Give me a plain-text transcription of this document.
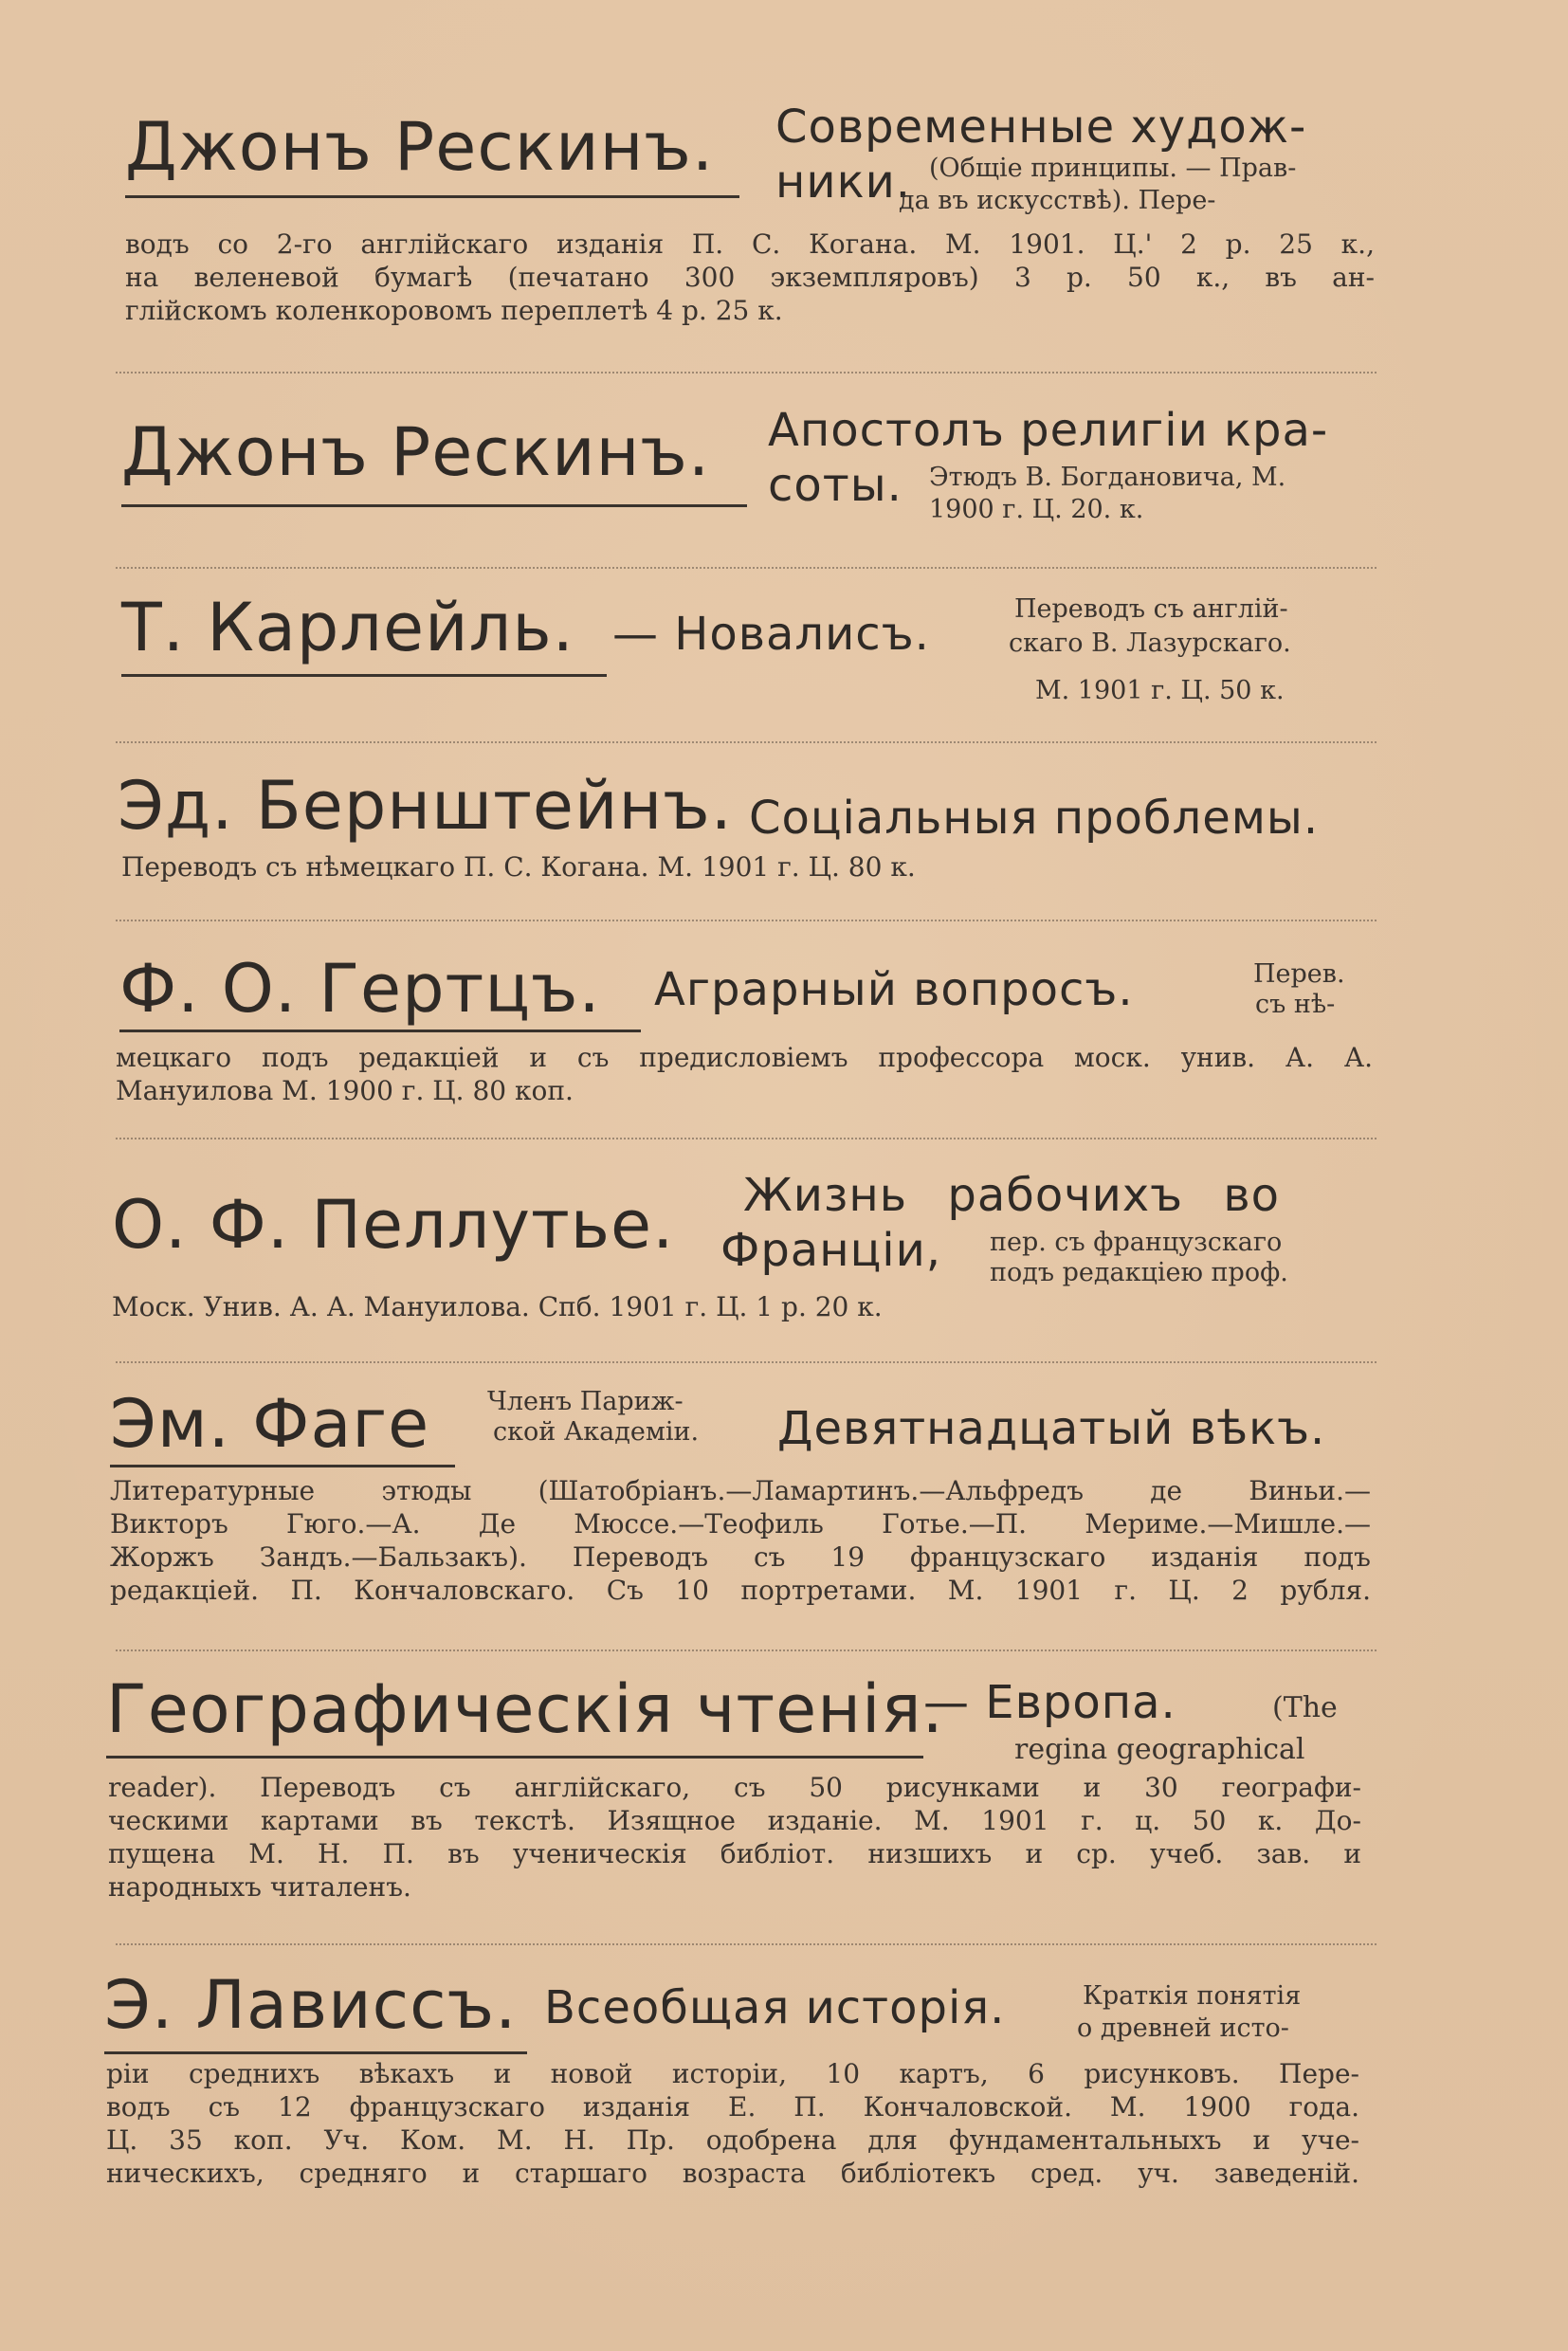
Джонъ Рескинъ. Современные худож-
ники. (Общіе принципы. — Прав-
да въ искусствѣ). Пере-
водъ со 2-го англійскаго изданія П. С. Когана. М. 1901. Ц.' 2 р. 25 к.,
на веленевой бумагѣ (печатано 300 экземпляровъ) 3 р. 50 к., въ ан-
глійскомъ коленкоровомъ переплетѣ 4 р. 25 к.
Джонъ Рескинъ. Апостолъ религіи кра-
соты. Этюдъ В. Богдановича, М.
1900 г. Ц. 20. к.
Т. Карлейль. — Новалисъ.	Переводъ съ англій-
скаго В. Лазурскаго.
М. 1901 г. Ц. 50 к.
Эд. Бернштейнъ. Соціальныя проблемы.
Переводъ съ нѣмецкаго П. С. Когана. М. 1901 г. Ц. 80 к.
Ф. О. Гертцъ. Аграрный вопросъ.	Перев.
съ нѣ-
мецкаго подъ редакціей и съ предисловіемъ профессора моск. унив. А. А.
Мануилова М. 1900 г. Ц. 80 коп.
О. Ф. Пеллутье. Жизнь рабочихъ во
Франціи, пер. съ французскаго
подъ редакціею проф.
Моск. Унив. А. А. Мануилова. Спб. 1901 г. Ц. 1 р. 20 к.
Эм. Фаге Членъ Париж-
ской Академіи. Девятнадцатый вѣкъ.
Литературные этюды (Шатобріанъ.—Ламартинъ.—Альфредъ де Виньи.—
Викторъ Гюго.—А. Де Мюссе.—Теофиль Готье.—П. Мериме.—Мишле.—
Жоржъ Зандъ.—Бальзакъ). Переводъ съ 19 французскаго изданія подъ
редакціей. П. Кончаловскаго. Съ 10 портретами. М. 1901 г. Ц. 2 рубля.
Географическія чтенія.
— Европа.	(The
regina geographical
reader). Переводъ съ англійскаго, съ 50 рисунками и 30 географи-
ческими картами въ текстѣ. Изящное изданіе. М. 1901 г. ц. 50 к. До-
пущена М. Н. П. въ ученическія библіот. низшихъ и ср. учеб. зав. и
народныхъ читаленъ.
Э. Лависсъ. Всеобщая исторія.	Краткія понятія
о древней исто-
ріи среднихъ вѣкахъ и новой исторіи, 10 картъ, 6 рисунковъ. Пере-
водъ съ 12 французскаго изданія Е. П. Кончаловской. М. 1900 года.
Ц. 35 коп. Уч. Ком. М. Н. Пр. одобрена для фундаментальныхъ и уче-
ническихъ, средняго и старшаго возраста библіотекъ сред. уч. заведеній.
